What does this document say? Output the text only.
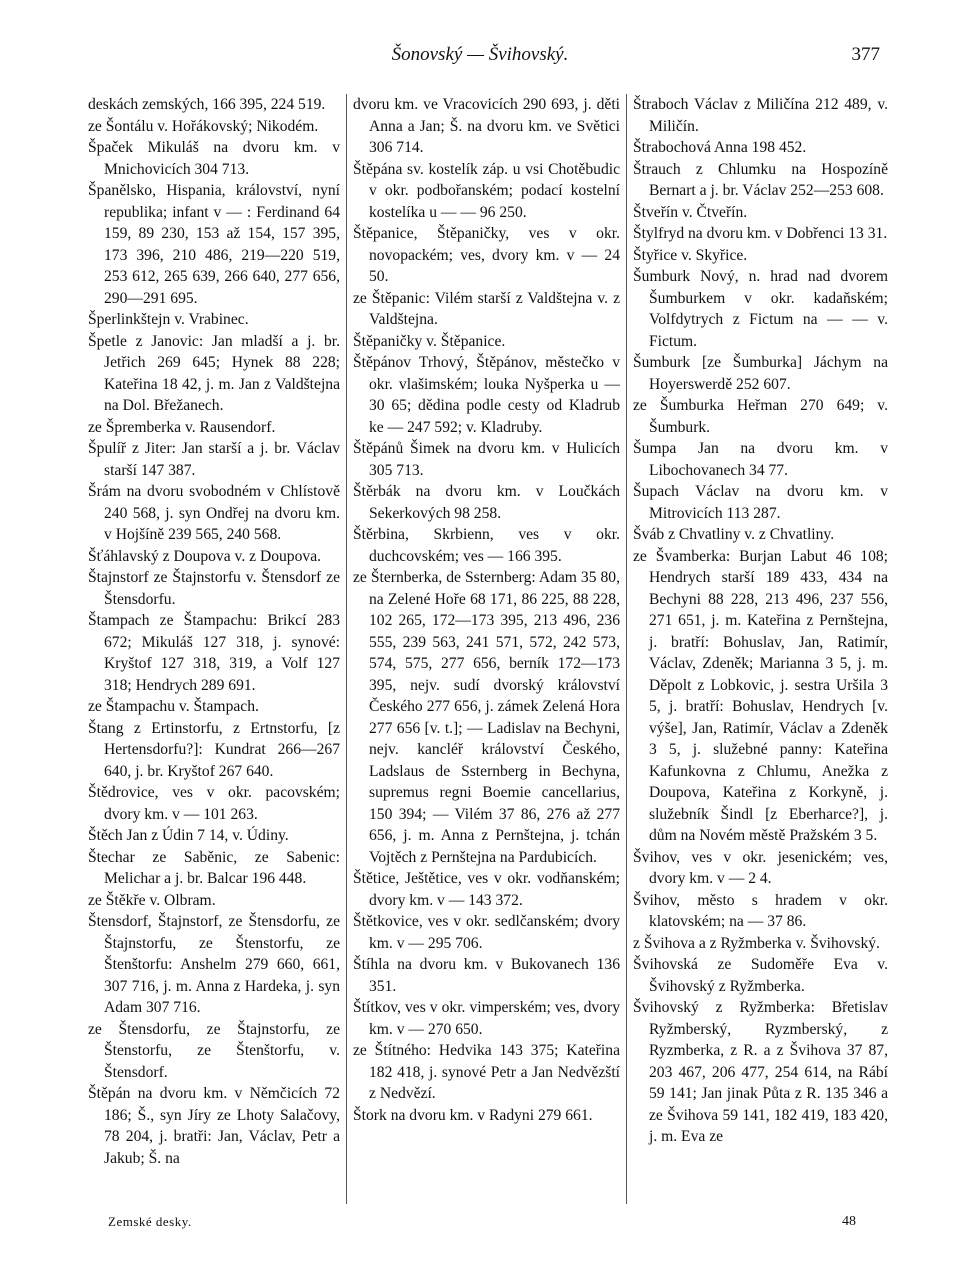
Šonovský — Švihovský.	377

deskách zemských, 166 395, 224 519.

ze Šontálu v. Hořákovský; Nikodém.

Špaček Mikuláš na dvoru km. v Mnichovicích 304 713.

Španělsko, Hispania, království, nyní republika; infant v — : Ferdinand 64 159, 89 230, 153 až 154, 157 395, 173 396, 210 486, 219—220 519, 253 612, 265 639, 266 640, 277 656, 290—291 695.

Šperlinkštejn v. Vrabinec.

Špetle z Janovic: Jan mladší a j. br. Jetřich 269 645; Hynek 88 228; Kateřina 18 42, j. m. Jan z Valdštejna na Dol. Břežanech.

ze Špremberka v. Rausendorf.

Špulíř z Jiter: Jan starší a j. br. Václav starší 147 387.

Šrám na dvoru svobodném v Chlístově 240 568, j. syn Ondřej na dvoru km. v Hojšíně 239 565, 240 568.

Šťáhlavský z Doupova v. z Doupova.

Štajnstorf ze Štajnstorfu v. Štensdorf ze Štensdorfu.

Štampach ze Štampachu: Brikcí 283 672; Mikuláš 127 318, j. synové: Kryštof 127 318, 319, a Volf 127 318; Hendrych 289 691.

ze Štampachu v. Štampach.

Štang z Ertinstorfu, z Ertnstorfu, [z Hertensdorfu?]: Kundrat 266—267 640, j. br. Kryštof 267 640.

Štědrovice, ves v okr. pacovském; dvory km. v — 101 263.

Štěch Jan z Údin 7 14, v. Údiny.

Štechar ze Saběnic, ze Sabenic: Melichar a j. br. Balcar 196 448.

ze Štěkře v. Olbram.

Štensdorf, Štajnstorf, ze Štensdorfu, ze Štajnstorfu, ze Štenstorfu, ze Štenštorfu: Anshelm 279 660, 661, 307 716, j. m. Anna z Hardeka, j. syn Adam 307 716.

ze Štensdorfu, ze Štajnstorfu, ze Štenstorfu, ze Štenštorfu, v. Štensdorf.

Štěpán na dvoru km. v Němčicích 72 186; Š., syn Jíry ze Lhoty Salačovy, 78 204, j. bratři: Jan, Václav, Petr a Jakub; Š. na

dvoru km. ve Vracovicích 290 693, j. děti Anna a Jan; Š. na dvoru km. ve Světici 306 714.

Štěpána sv. kostelík záp. u vsi Chotěbudic v okr. podbořanském; podací kostelní kostelíka u — — 96 250.

Štěpanice, Štěpaničky, ves v okr. novopackém; ves, dvory km. v — 24 50.

ze Štěpanic: Vilém starší z Valdštejna v. z Valdštejna.

Štěpaničky v. Štěpanice.

Štěpánov Trhový, Štěpánov, městečko v okr. vlašimském; louka Nyšperka u — 30 65; dědina podle cesty od Kladrub ke — 247 592; v. Kladruby.

Štěpánů Šimek na dvoru km. v Hulicích 305 713.

Štěrbák na dvoru km. v Loučkách Sekerkových 98 258.

Štěrbina, Skrbienn, ves v okr. duchcovském; ves — 166 395.

ze Šternberka, de Ssternberg: Adam 35 80, na Zelené Hoře 68 171, 86 225, 88 228, 102 265, 172—173 395, 213 496, 236 555, 239 563, 241 571, 572, 242 573, 574, 575, 277 656, berník 172—173 395, nejv. sudí dvorský království Českého 277 656, j. zámek Zelená Hora 277 656 [v. t.]; — Ladislav na Bechyni, nejv. kancléř království Českého, Ladslaus de Ssternberg in Bechyna, supremus regni Boemie cancellarius, 150 394; — Vilém 37 86, 276 až 277 656, j. m. Anna z Pernštejna, j. tchán Vojtěch z Pernštejna na Pardubicích.

Štětice, Ještětice, ves v okr. vodňanském; dvory km. v — 143 372.

Štětkovice, ves v okr. sedlčanském; dvory km. v — 295 706.

Štíhla na dvoru km. v Bukovanech 136 351.

Štítkov, ves v okr. vimperském; ves, dvory km. v — 270 650.

ze Štítného: Hedvika 143 375; Kateřina 182 418, j. synové Petr a Jan Nedvězští z Nedvězí.

Štork na dvoru km. v Radyni 279 661.

Štraboch Václav z Miličína 212 489, v. Miličín.

Štrabochová Anna 198 452.

Štrauch z Chlumku na Hospozíně Bernart a j. br. Václav 252—253 608.

Štveřín v. Čtveřín.

Štylfryd na dvoru km. v Dobřenci 13 31.

Štyřice v. Skyřice.

Šumburk Nový, n. hrad nad dvorem Šumburkem v okr. kadaňském; Volfdytrych z Fictum na — — v. Fictum.

Šumburk [ze Šumburka] Jáchym na Hoyerswerdě 252 607.

ze Šumburka Heřman 270 649; v. Šumburk.

Šumpa Jan na dvoru km. v Libochovanech 34 77.

Šupach Václav na dvoru km. v Mitrovicích 113 287.

Šváb z Chvatliny v. z Chvatliny.

ze Švamberka: Burjan Labut 46 108; Hendrych starší 189 433, 434 na Bechyni 88 228, 213 496, 237 556, 271 651, j. m. Kateřina z Pernštejna, j. bratří: Bohuslav, Jan, Ratimír, Václav, Zdeněk; Marianna 3 5, j. m. Děpolt z Lobkovic, j. sestra Uršila 3 5, j. bratří: Bohuslav, Hendrych [v. výše], Jan, Ratimír, Václav a Zdeněk 3 5, j. služebné panny: Kateřina Kafunkovna z Chlumu, Anežka z Doupova, Kateřina z Korkyně, j. služebník Šindl [z Eberharce?], j. dům na Novém městě Pražském 3 5.

Švihov, ves v okr. jesenickém; ves, dvory km. v — 2 4.

Švihov, město s hradem v okr. klatovském; na — 37 86.

z Švihova a z Ryžmberka v. Švihovský.

Švihovská ze Sudoměře Eva v. Švihovský z Ryžmberka.

Švihovský z Ryžmberka: Břetislav Ryžmberský, Ryzmberský, z Ryzmberka, z R. a z Švihova 37 87, 203 467, 206 477, 254 614, na Rábí 59 141; Jan jinak Půta z R. 135 346 a ze Švihova 59 141, 182 419, 183 420, j. m. Eva ze

Zemské desky.	48
